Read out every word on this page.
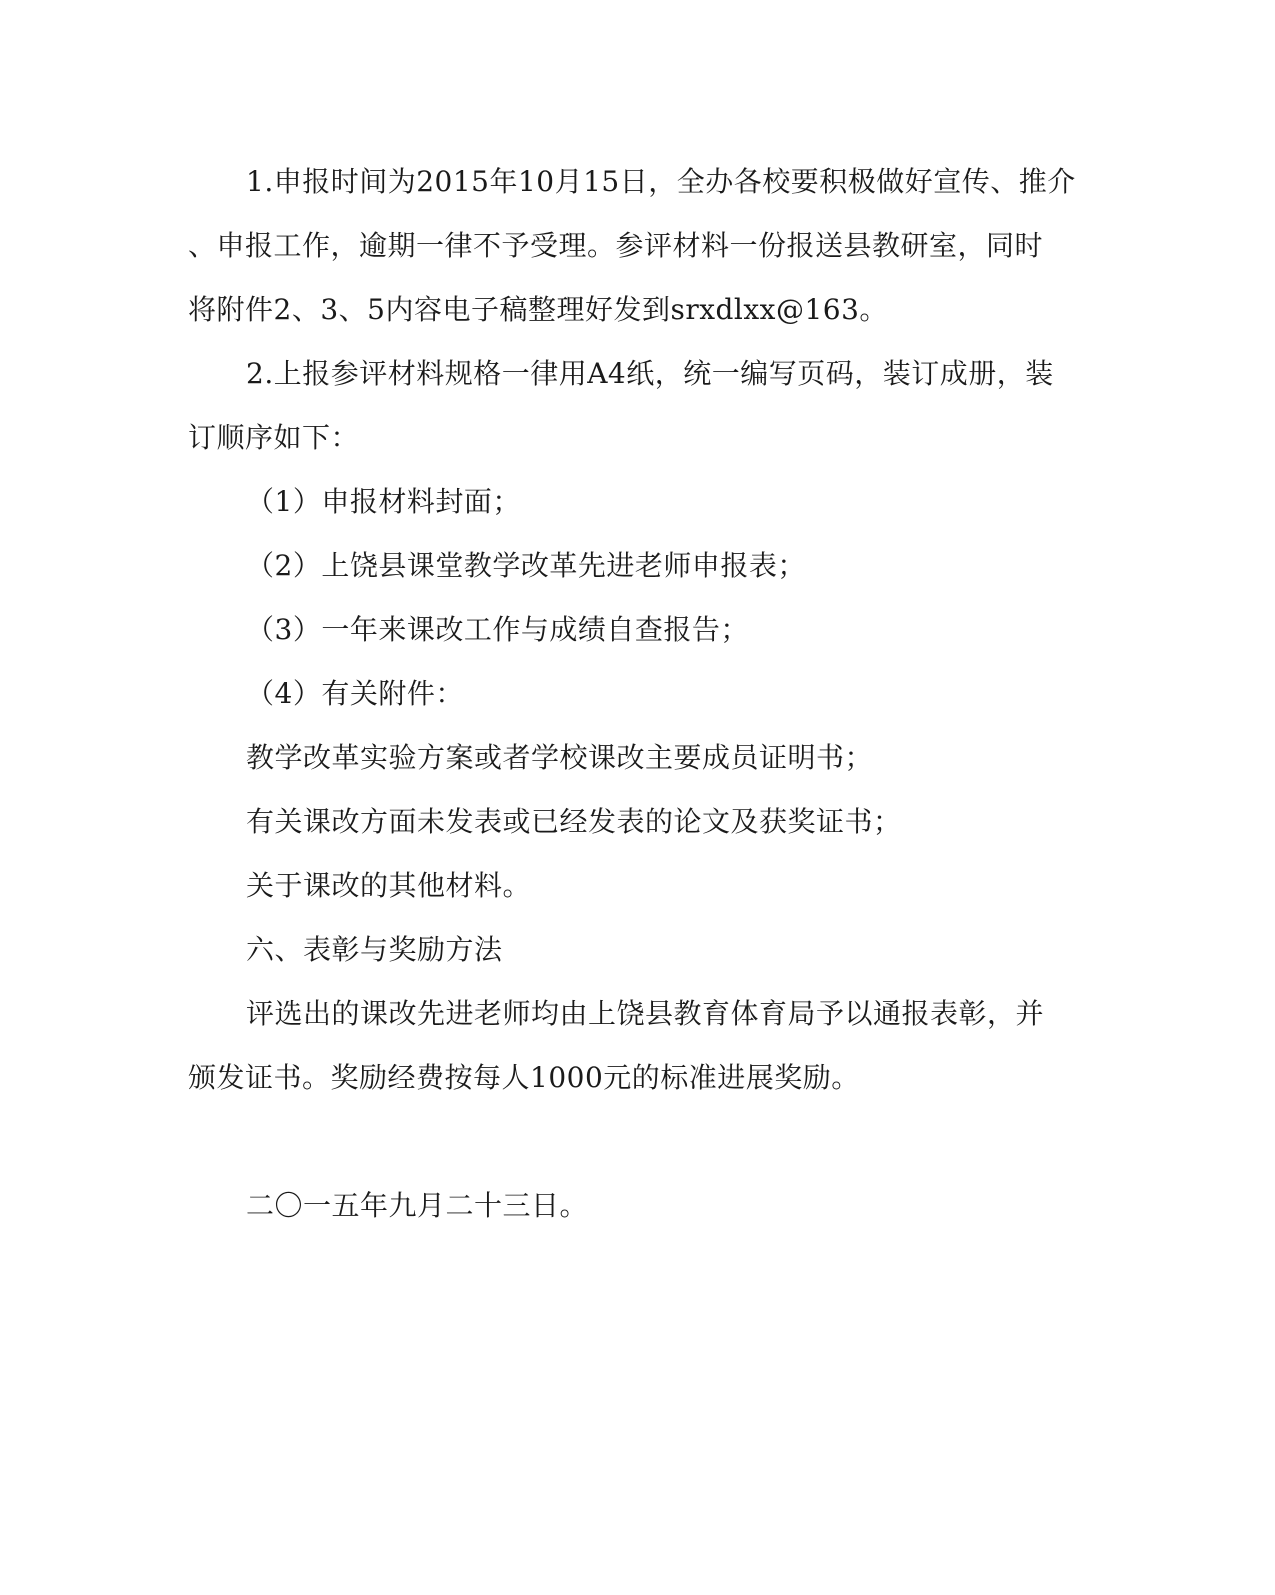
1.申报时间为2015年10月15日，全办各校要积极做好宣传、推介
、申报工作，逾期一律不予受理。参评材料一份报送县教研室，同时
将附件2、3、5内容电子稿整理好发到srxdlxx@163。
2.上报参评材料规格一律用A4纸，统一编写页码，装订成册，装
订顺序如下：
（1）申报材料封面；
（2）上饶县课堂教学改革先进老师申报表；
（3）一年来课改工作与成绩自查报告；
（4）有关附件：
教学改革实验方案或者学校课改主要成员证明书；
有关课改方面未发表或已经发表的论文及获奖证书；
关于课改的其他材料。
六、表彰与奖励方法
评选出的课改先进老师均由上饶县教育体育局予以通报表彰，并
颁发证书。奖励经费按每人1000元的标准进展奖励。
二〇一五年九月二十三日。
